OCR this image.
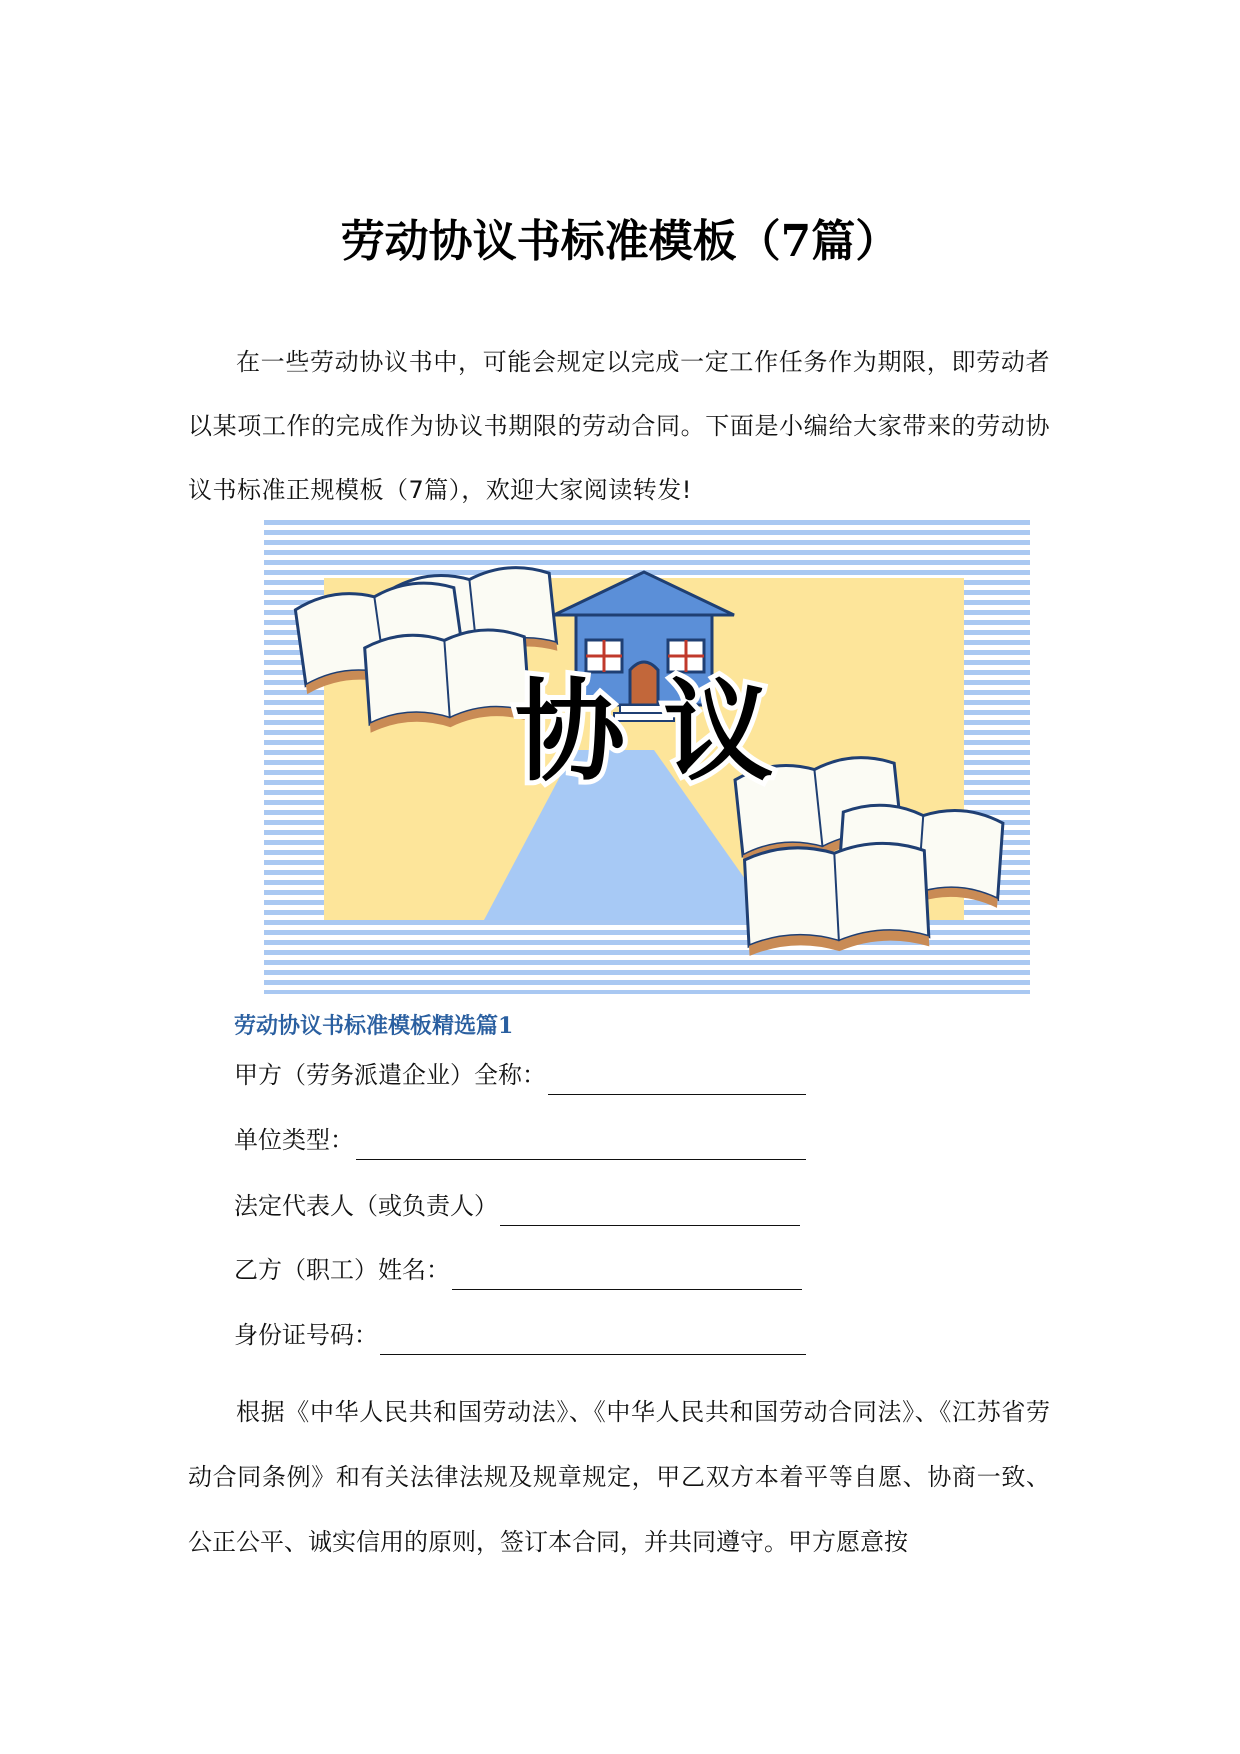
劳动协议书标准模板（7篇）

在一些劳动协议书中，可能会规定以完成一定工作任务作为期限，即劳动者以某项工作的完成作为协议书期限的劳动合同。下面是小编给大家带来的劳动协议书标准正规模板（7篇），欢迎大家阅读转发!

协 议

劳动协议书标准模板精选篇1

甲方（劳务派遣企业）全称：

单位类型：

法定代表人（或负责人）

乙方（职工）姓名：

身份证号码：

根据《中华人民共和国劳动法》、《中华人民共和国劳动合同法》、《江苏省劳动合同条例》和有关法律法规及规章规定，甲乙双方本着平等自愿、协商一致、公正公平、诚实信用的原则，签订本合同，并共同遵守。甲方愿意按
